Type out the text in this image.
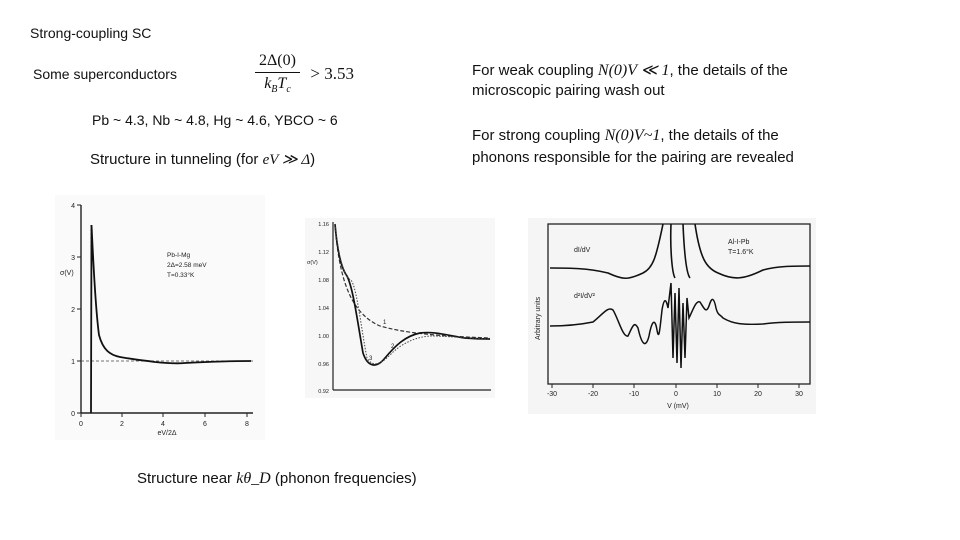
Strong-coupling SC
Some superconductors	$\frac{2\Delta(0)}{k_BT_c} > 3.53$
Pb ~ 4.3, Nb ~ 4.8, Hg ~ 4.6, YBCO ~ 6
Structure in tunneling (for eV ≫ Δ)
For weak coupling N(0)V ≪ 1, the details of the
microscopic pairing wash out
For strong coupling N(0)V~1, the details of the
phonons responsible for the pairing are revealed
0
1
2
3
4
σ(V)
0	2	4	6	8
eV/2Δ
Pb-I-Mg
2Δ=2.58 meV
T=0.33°K
1.16
1.12
1.08
1.04
1.00
0.96
0.92
σ(V)
1
2
3
Arbitrary units
-30	-20	-10	0	10	20	30
V (mV)
Al-I-Pb
T=1.6°K
dI/dV
d²I/dV²
Structure near kθ_D (phonon frequencies)
